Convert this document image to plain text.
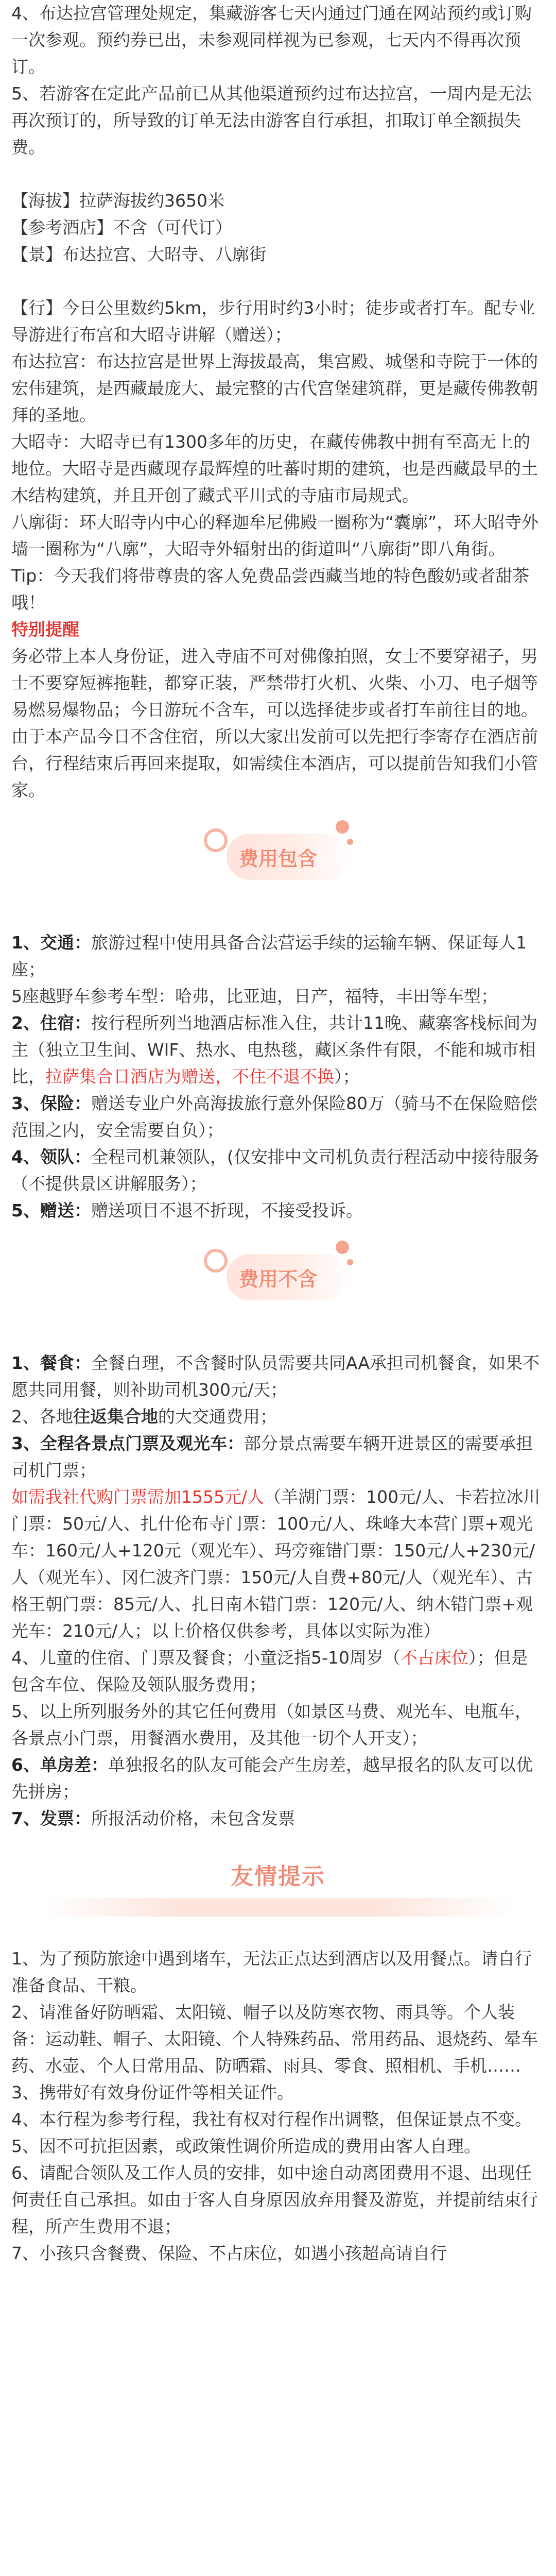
4、布达拉宫管理处规定，集藏游客七天内通过门通在网站预约或订购一次参观。预约券已出，未参观同样视为已参观，七天内不得再次预订。

5、若游客在定此产品前已从其他渠道预约过布达拉宫，一周内是无法再次预订的，所导致的订单无法由游客自行承担，扣取订单全额损失费。

【海拔】拉萨海拔约3650米

【参考酒店】不含（可代订）

【景】布达拉宫、大昭寺、八廓街

【行】今日公里数约5km，步行用时约3小时；徒步或者打车。配专业导游进行布宫和大昭寺讲解（赠送）；

布达拉宫：布达拉宫是世界上海拔最高，集宫殿、城堡和寺院于一体的宏伟建筑，是西藏最庞大、最完整的古代宫堡建筑群，更是藏传佛教朝拜的圣地。

大昭寺：大昭寺已有1300多年的历史，在藏传佛教中拥有至高无上的地位。大昭寺是西藏现存最辉煌的吐蕃时期的建筑，也是西藏最早的土木结构建筑，并且开创了藏式平川式的寺庙市局规式。

八廓街：环大昭寺内中心的释迦牟尼佛殿一圈称为“囊廓”，环大昭寺外墙一圈称为“八廓”，大昭寺外辐射出的街道叫“八廓街”即八角街。

Tip：今天我们将带尊贵的客人免费品尝西藏当地的特色酸奶或者甜茶哦！

特别提醒

务必带上本人身份证，进入寺庙不可对佛像拍照，女士不要穿裙子，男士不要穿短裤拖鞋，都穿正装，严禁带打火机、火柴、小刀、电子烟等易燃易爆物品；今日游玩不含车，可以选择徒步或者打车前往目的地。

由于本产品今日不含住宿，所以大家出发前可以先把行李寄存在酒店前台，行程结束后再回来提取，如需续住本酒店，可以提前告知我们小管家。

费用包含

1、交通：旅游过程中使用具备合法营运手续的运输车辆、保证每人1座；

5座越野车参考车型：哈弗，比亚迪，日产，福特，丰田等车型；

2、住宿：按行程所列当地酒店标准入住，共计11晚、藏寨客栈标间为主（独立卫生间、WIF、热水、电热毯，藏区条件有限，不能和城市相比，拉萨集合日酒店为赠送，不住不退不换）；

3、保险：赠送专业户外高海拔旅行意外保险80万（骑马不在保险赔偿范围之内，安全需要自负）；

4、领队：全程司机兼领队，(仅安排中文司机负责行程活动中接待服务（不提供景区讲解服务）；

5、赠送：赠送项目不退不折现，不接受投诉。

费用不含

1、餐食：全餐自理，不含餐时队员需要共同AA承担司机餐食，如果不愿共同用餐，则补助司机300元/天；

2、各地往返集合地的大交通费用；

3、全程各景点门票及观光车：部分景点需要车辆开进景区的需要承担司机门票；

如需我社代购门票需加1555元/人（羊湖门票：100元/人、卡若拉冰川门票：50元/人、扎什伦布寺门票：100元/人、珠峰大本营门票+观光车：160元/人+120元（观光车）、玛旁雍错门票：150元/人+230元/人（观光车）、冈仁波齐门票：150元/人自费+80元/人（观光车）、古格王朝门票：85元/人、扎日南木错门票：120元/人、纳木错门票+观光车：210元/人；以上价格仅供参考，具体以实际为准）

4、儿童的住宿、门票及餐食；小童泛指5-10周岁（不占床位）；但是包含车位、保险及领队服务费用；

5、以上所列服务外的其它任何费用（如景区马费、观光车、电瓶车，各景点小门票，用餐酒水费用，及其他一切个人开支）；

6、单房差：单独报名的队友可能会产生房差，越早报名的队友可以优先拼房；

7、发票：所报活动价格，未包含发票

友情提示

1、为了预防旅途中遇到堵车，无法正点达到酒店以及用餐点。请自行准备食品、干粮。

2、请准备好防晒霜、太阳镜、帽子以及防寒衣物、雨具等。个人装备：运动鞋、帽子、太阳镜、个人特殊药品、常用药品、退烧药、晕车药、水壶、个人日常用品、防晒霜、雨具、零食、照相机、手机……

3、携带好有效身份证件等相关证件。

4、本行程为参考行程，我社有权对行程作出调整，但保证景点不变。

5、因不可抗拒因素，或政策性调价所造成的费用由客人自理。

6、请配合领队及工作人员的安排，如中途自动离团费用不退、出现任何责任自己承担。如由于客人自身原因放弃用餐及游览，并提前结束行程，所产生费用不退；

7、小孩只含餐费、保险、不占床位，如遇小孩超高请自行
